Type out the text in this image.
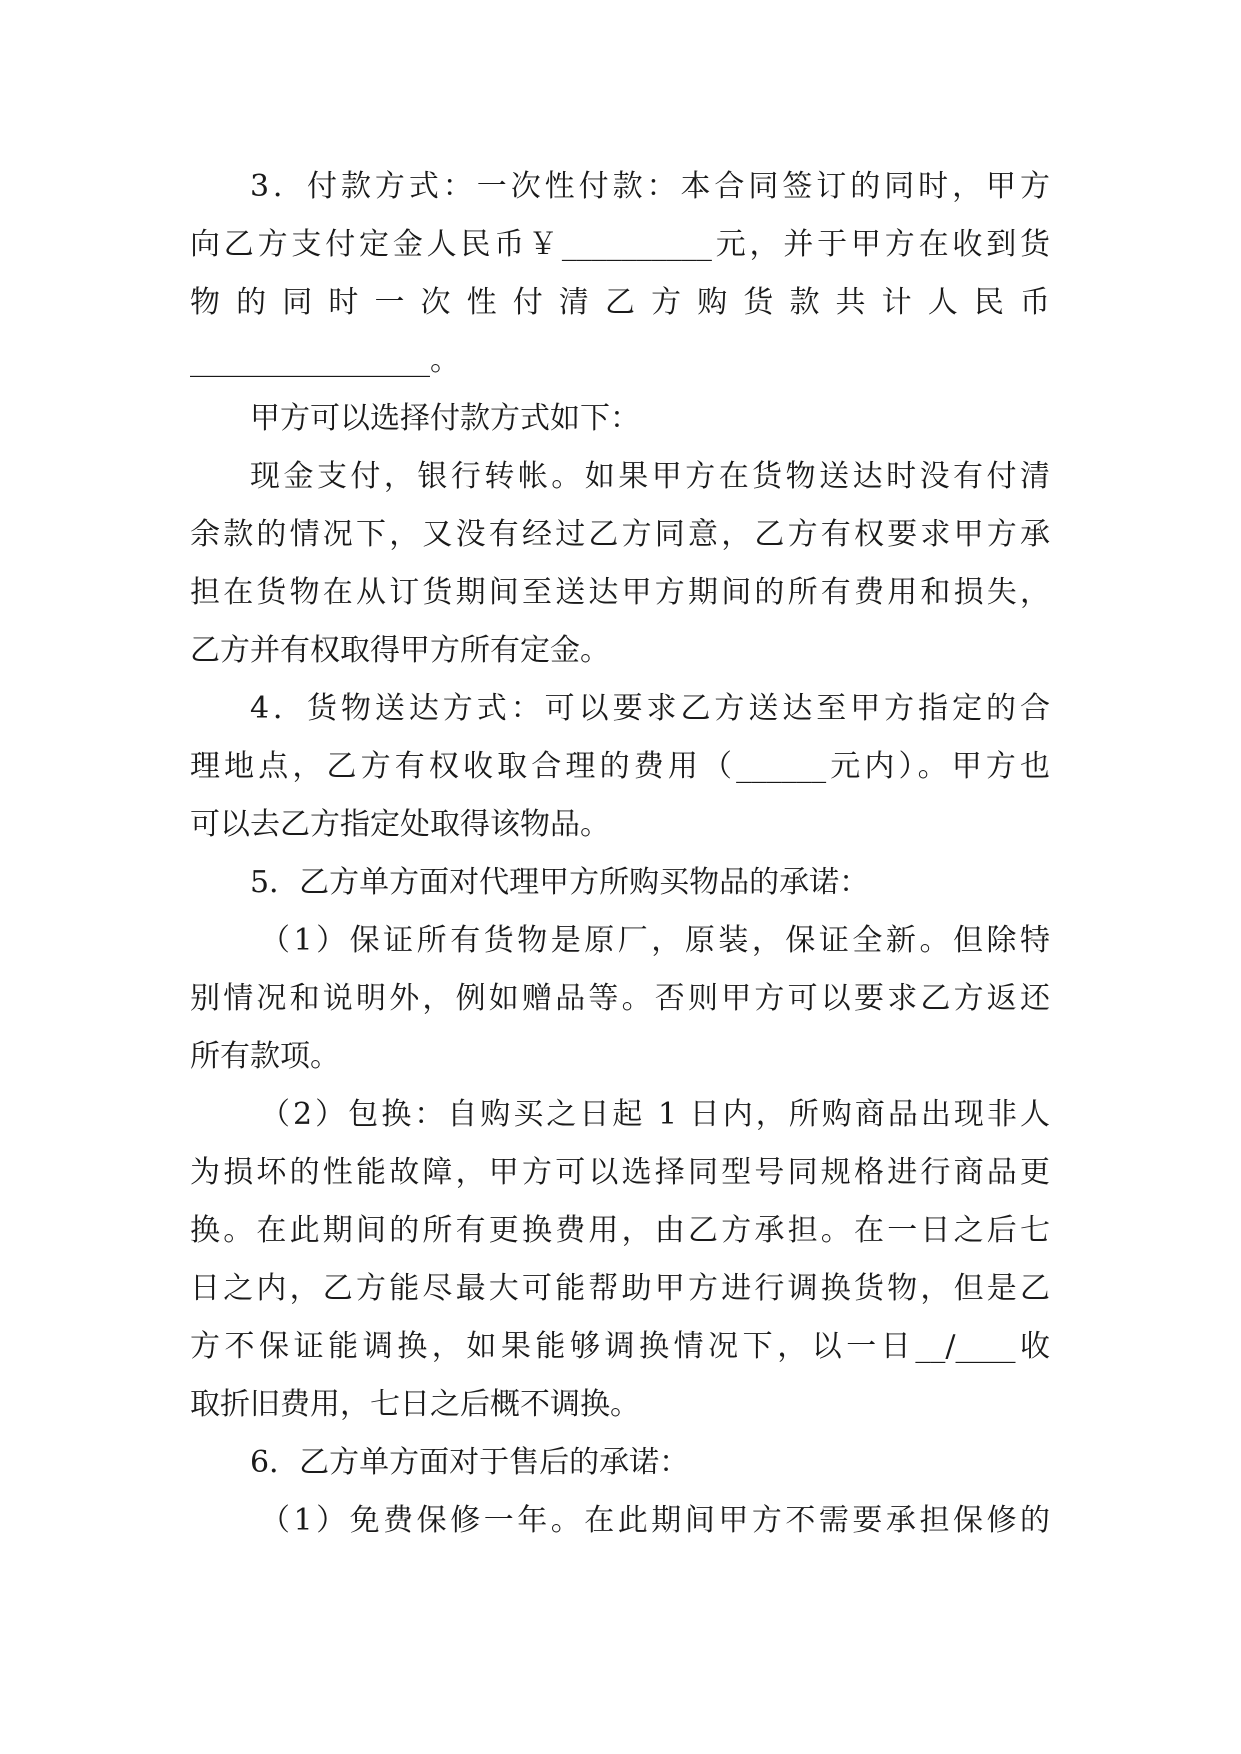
3．付款方式：一次性付款：本合同签订的同时，甲方
向乙方支付定金人民币￥__________元，并于甲方在收到货
物的同时一次性付清乙方购货款共计人民币
________________。
甲方可以选择付款方式如下：
现金支付，银行转帐。如果甲方在货物送达时没有付清
余款的情况下，又没有经过乙方同意，乙方有权要求甲方承
担在货物在从订货期间至送达甲方期间的所有费用和损失，
乙方并有权取得甲方所有定金。
4．货物送达方式：可以要求乙方送达至甲方指定的合
理地点，乙方有权收取合理的费用（______元内）。甲方也
可以去乙方指定处取得该物品。
5．乙方单方面对代理甲方所购买物品的承诺：
（1）保证所有货物是原厂，原装，保证全新。但除特
别情况和说明外，例如赠品等。否则甲方可以要求乙方返还
所有款项。
（2）包换：自购买之日起 1 日内，所购商品出现非人
为损坏的性能故障，甲方可以选择同型号同规格进行商品更
换。在此期间的所有更换费用，由乙方承担。在一日之后七
日之内，乙方能尽最大可能帮助甲方进行调换货物，但是乙
方不保证能调换，如果能够调换情况下，以一日__/____收
取折旧费用，七日之后概不调换。
6．乙方单方面对于售后的承诺：
（1）免费保修一年。在此期间甲方不需要承担保修的
